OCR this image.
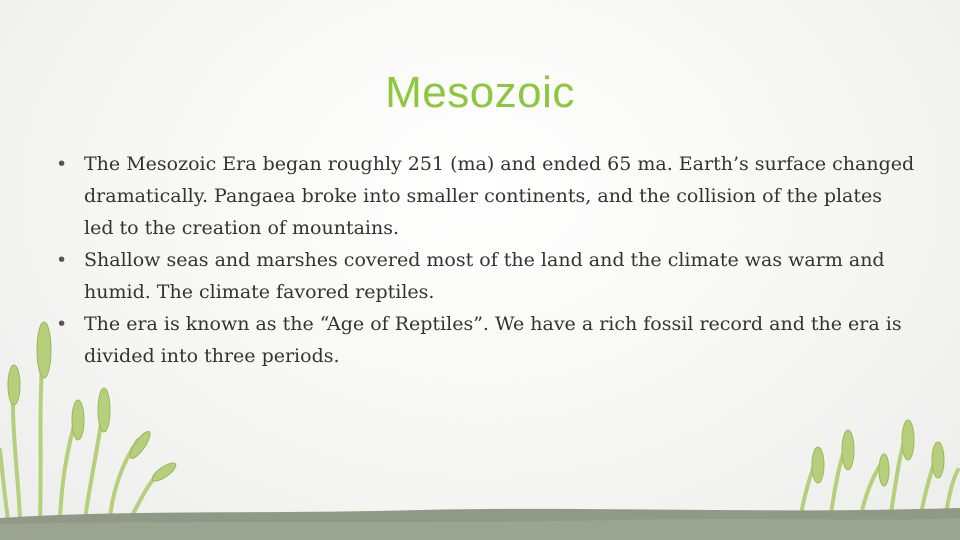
Mesozoic
• The Mesozoic Era began roughly 251 (ma) and ended 65 ma. Earth’s surface changed dramatically. Pangaea broke into smaller continents, and the collision of the plates led to the creation of mountains.
• Shallow seas and marshes covered most of the land and the climate was warm and humid. The climate favored reptiles.
• The era is known as the “Age of Reptiles”. We have a rich fossil record and the era is divided into three periods.
